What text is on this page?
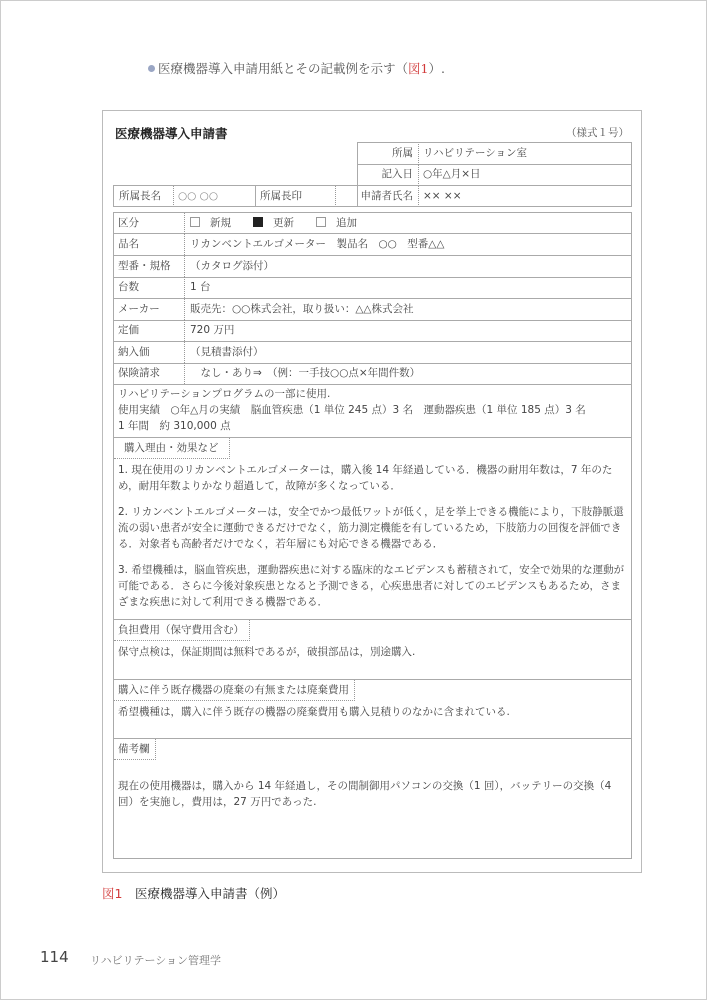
医療機器導入申請用紙とその記載例を示す（図1）.
医療機器導入申請書	（様式１号）
所属 リハビリテーション室
記入日 ○年△月×日
所属長名	○○ ○○	所属長印	申請者氏名 ×× ××
区分	新規	更新	追加
品名	リカンベントエルゴメーター　製品名　○○　型番△△
型番・規格	（カタログ添付）
台数	1 台
メーカー	販売先：○○株式会社，取り扱い：△△株式会社
定価	720 万円
納入価	（見積書添付）
保険請求	　なし・あり⇒　（例：一手技○○点×年間件数）
リハビリテーションプログラムの一部に使用.
使用実績　○年△月の実績　脳血管疾患（1 単位 245 点）3 名　運動器疾患（1 単位 185 点）3 名
1 年間　約 310,000 点
購入理由・効果など
1. 現在使用のリカンベントエルゴメーターは，購入後 14 年経過している．機器の耐用年数は，7 年のため，耐用年数よりかなり超過して，故障が多くなっている．
2. リカンベントエルゴメーターは，安全でかつ最低ワットが低く，足を挙上できる機能により，下肢静脈還流の弱い患者が安全に運動できるだけでなく，筋力測定機能を有しているため，下肢筋力の回復を評価できる．対象者も高齢者だけでなく，若年層にも対応できる機器である．
3. 希望機種は，脳血管疾患，運動器疾患に対する臨床的なエビデンスも蓄積されて，安全で効果的な運動が可能である．さらに今後対象疾患となると予測できる，心疾患患者に対してのエビデンスもあるため，さまざまな疾患に対して利用できる機器である．
負担費用（保守費用含む）
保守点検は，保証期間は無料であるが，破損部品は，別途購入.
購入に伴う既存機器の廃棄の有無または廃棄費用
希望機種は，購入に伴う既存の機器の廃棄費用も購入見積りのなかに含まれている.
備考欄
現在の使用機器は，購入から 14 年経過し，その間制御用パソコンの交換（1 回），バッテリーの交換（4 回）を実施し，費用は，27 万円であった.
図1　 医療機器導入申請書（例）
114 リハビリテーション管理学
